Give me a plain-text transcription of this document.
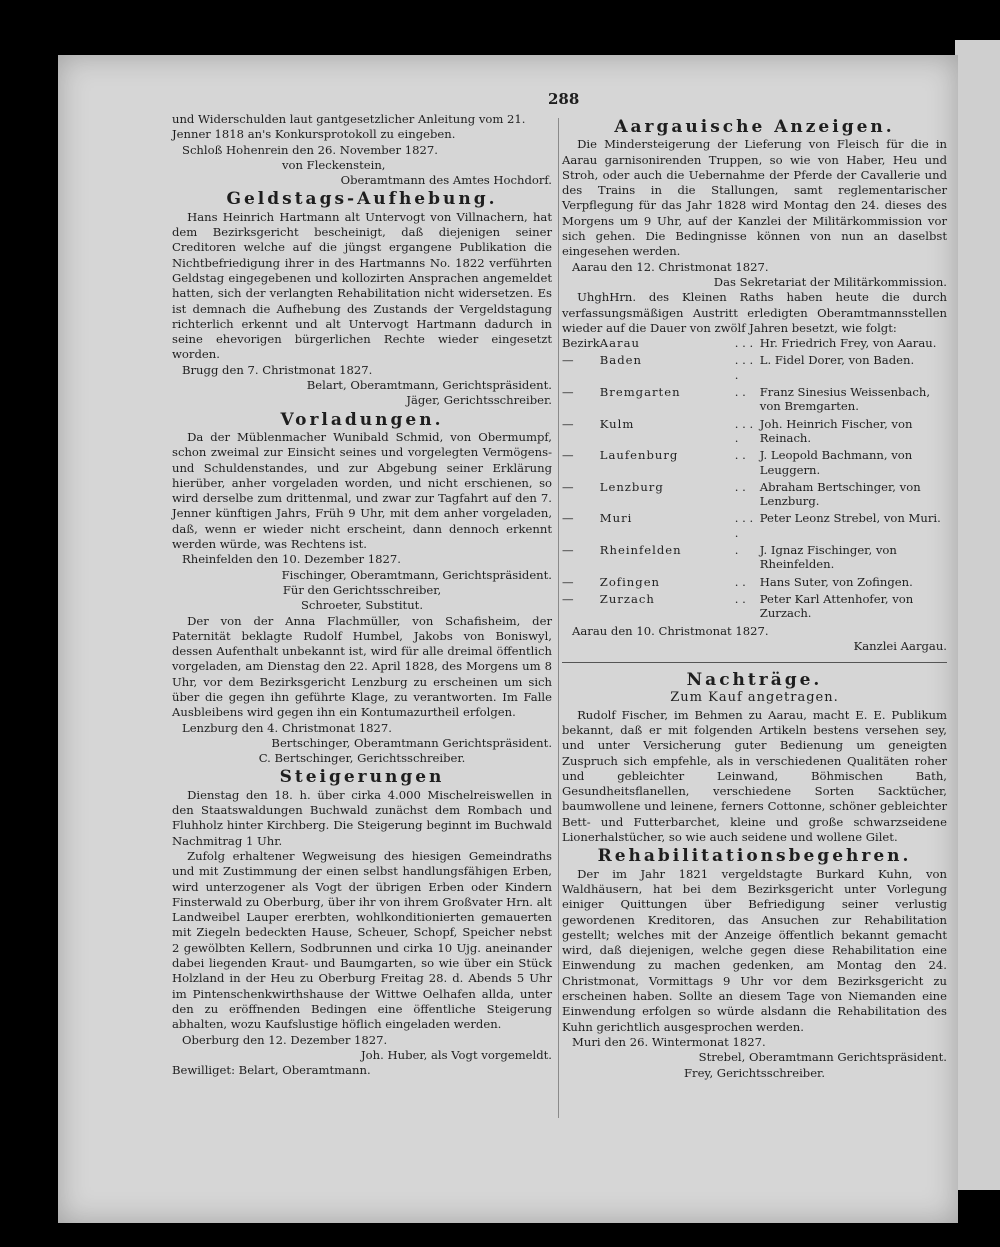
288

und Widerschulden laut gantgesetzlicher Anleitung vom 21.

Jenner 1818 an's Konkursprotokoll zu eingeben.

Schloß Hohenrein den 26. November 1827.

von Fleckenstein,

Oberamtmann des Amtes Hochdorf.

Geldstags-Aufhebung.

Hans Heinrich Hartmann alt Untervogt von Villnachern, hat dem Bezirksgericht bescheinigt, daß diejenigen seiner Creditoren welche auf die jüngst ergangene Publikation die Nichtbefriedigung ihrer in des Hartmanns No. 1822 verführten Geldstag eingegebenen und kollozirten Ansprachen angemeldet hatten, sich der verlangten Rehabilitation nicht widersetzen. Es ist demnach die Aufhebung des Zustands der Vergeldstagung richterlich erkennt und alt Untervogt Hartmann dadurch in seine ehevorigen bürgerlichen Rechte wieder eingesetzt worden.

Brugg den 7. Christmonat 1827.

Belart, Oberamtmann, Gerichtspräsident.

Jäger, Gerichtsschreiber.

Vorladungen.

Da der Müblenmacher Wunibald Schmid, von Obermumpf, schon zweimal zur Einsicht seines und vorgelegten Vermögens- und Schuldenstandes, und zur Abgebung seiner Erklärung hierüber, anher vorgeladen worden, und nicht erschienen, so wird derselbe zum drittenmal, und zwar zur Tagfahrt auf den 7. Jenner künftigen Jahrs, Früh 9 Uhr, mit dem anher vorgeladen, daß, wenn er wieder nicht erscheint, dann dennoch erkennt werden würde, was Rechtens ist.

Rheinfelden den 10. Dezember 1827.

Fischinger, Oberamtmann, Gerichtspräsident.

Für den Gerichtsschreiber,

Schroeter, Substitut.

Der von der Anna Flachmüller, von Schafisheim, der Paternität beklagte Rudolf Humbel, Jakobs von Boniswyl, dessen Aufenthalt unbekannt ist, wird für alle dreimal öffentlich vorgeladen, am Dienstag den 22. April 1828, des Morgens um 8 Uhr, vor dem Bezirksgericht Lenzburg zu erscheinen um sich über die gegen ihn geführte Klage, zu verantworten. Im Falle Ausbleibens wird gegen ihn ein Kontumazurtheil erfolgen.

Lenzburg den 4. Christmonat 1827.

Bertschinger, Oberamtmann Gerichtspräsident.

C. Bertschinger, Gerichtsschreiber.

Steigerungen

Dienstag den 18. h. über cirka 4.000 Mischelreiswellen in den Staatswaldungen Buchwald zunächst dem Rombach und Fluhholz hinter Kirchberg. Die Steigerung beginnt im Buchwald Nachmitrag 1 Uhr.

Zufolg erhaltener Wegweisung des hiesigen Gemeindraths und mit Zustimmung der einen selbst handlungsfähigen Erben, wird unterzogener als Vogt der übrigen Erben oder Kindern Finsterwald zu Oberburg, über ihr von ihrem Großvater Hrn. alt Landweibel Lauper ererbten, wohlkonditionierten gemauerten mit Ziegeln bedeckten Hause, Scheuer, Schopf, Speicher nebst 2 gewölbten Kellern, Sodbrunnen und cirka 10 Ujg. aneinander dabei liegenden Kraut- und Baumgarten, so wie über ein Stück Holzland in der Heu zu Oberburg Freitag 28. d. Abends 5 Uhr im Pintenschenkwirthshause der Wittwe Oelhafen allda, unter den zu eröffnenden Bedingen eine öffentliche Steigerung abhalten, wozu Kaufslustige höflich eingeladen werden.

Oberburg den 12. Dezember 1827.

Joh. Huber, als Vogt vorgemeldt.

Bewilliget: Belart, Oberamtmann.

Aargauische Anzeigen.

Die Mindersteigerung der Lieferung von Fleisch für die in Aarau garnisonirenden Truppen, so wie von Haber, Heu und Stroh, oder auch die Uebernahme der Pferde der Cavallerie und des Trains in die Stallungen, samt reglementarischer Verpflegung für das Jahr 1828 wird Montag den 24. dieses des Morgens um 9 Uhr, auf der Kanzlei der Militärkommission vor sich gehen. Die Bedingnisse können von nun an daselbst eingesehen werden.

Aarau den 12. Christmonat 1827.

Das Sekretariat der Militärkommission.

UhghHrn. des Kleinen Raths haben heute die durch verfassungsmäßigen Austritt erledigten Oberamtmannsstellen wieder auf die Dauer von zwölf Jahren besetzt, wie folgt:

Bezirk	Aarau	. . .	Hr. Friedrich Frey, von Aarau.
—	Baden	. . . .	L. Fidel Dorer, von Baden.
—	Bremgarten	. .	Franz Sinesius Weissenbach, von Bremgarten.
—	Kulm	. . . .	Joh. Heinrich Fischer, von Reinach.
—	Laufenburg	. .	J. Leopold Bachmann, von Leuggern.
—	Lenzburg	. .	Abraham Bertschinger, von Lenzburg.
—	Muri	. . . .	Peter Leonz Strebel, von Muri.
—	Rheinfelden	.	J. Ignaz Fischinger, von Rheinfelden.
—	Zofingen	. .	Hans Suter, von Zofingen.
—	Zurzach	. .	Peter Karl Attenhofer, von Zurzach.

Aarau den 10. Christmonat 1827.

Kanzlei Aargau.

Nachträge.
Zum Kauf angetragen.

Rudolf Fischer, im Behmen zu Aarau, macht E. E. Publikum bekannt, daß er mit folgenden Artikeln bestens versehen sey, und unter Versicherung guter Bedienung um geneigten Zuspruch sich empfehle, als in verschiedenen Qualitäten roher und gebleichter Leinwand, Böhmischen Bath, Gesundheitsflanellen, verschiedene Sorten Sacktücher, baumwollene und leinene, ferners Cottonne, schöner gebleichter Bett- und Futterbarchet, kleine und große schwarzseidene Lionerhalstücher, so wie auch seidene und wollene Gilet.

Rehabilitationsbegehren.

Der im Jahr 1821 vergeldstagte Burkard Kuhn, von Waldhäusern, hat bei dem Bezirksgericht unter Vorlegung einiger Quittungen über Befriedigung seiner verlustig gewordenen Kreditoren, das Ansuchen zur Rehabilitation gestellt; welches mit der Anzeige öffentlich bekannt gemacht wird, daß diejenigen, welche gegen diese Rehabilitation eine Einwendung zu machen gedenken, am Montag den 24. Christmonat, Vormittags 9 Uhr vor dem Bezirksgericht zu erscheinen haben. Sollte an diesem Tage von Niemanden eine Einwendung erfolgen so würde alsdann die Rehabilitation des Kuhn gerichtlich ausgesprochen werden.

Muri den 26. Wintermonat 1827.

Strebel, Oberamtmann Gerichtspräsident.

Frey, Gerichtsschreiber.
